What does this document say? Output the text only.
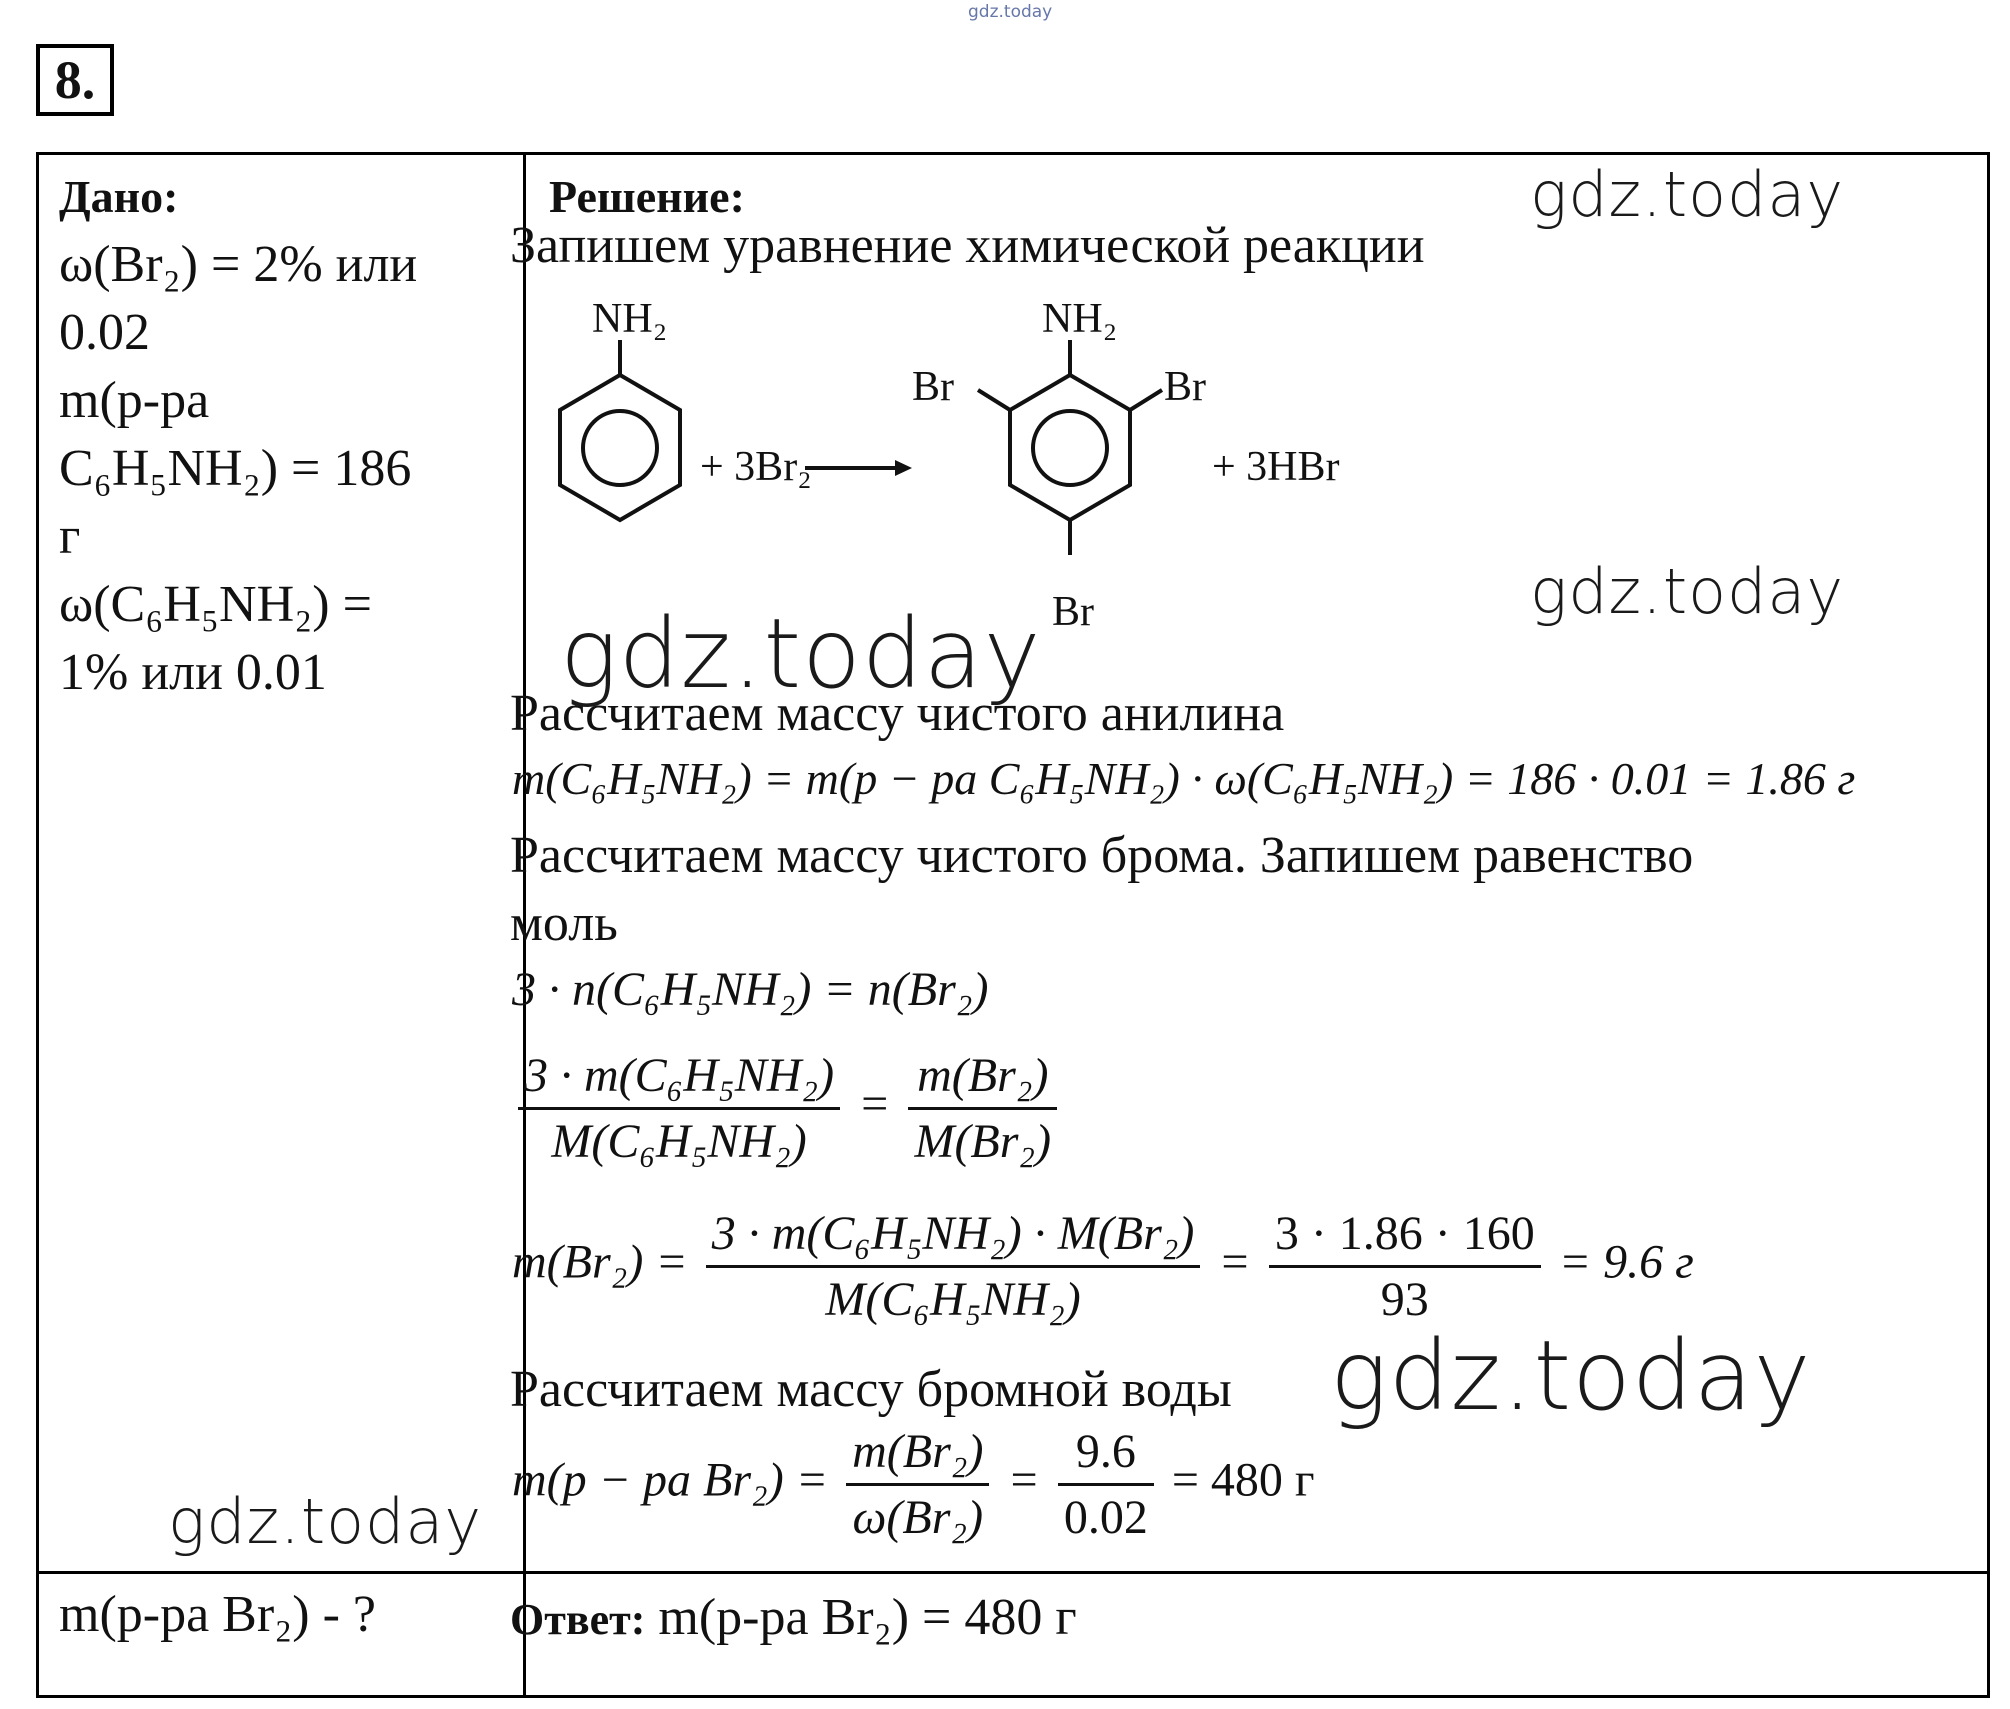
gdz.today
8.
Дано:
ω(Br₂) = 2% или
0.02
m(р-ра
C₆H₅NH₂) = 186
г
ω(C₆H₅NH₂) =
1% или 0.01
m(р-ра Br₂) - ?
Решение:
Запишем уравнение химической реакции
NH₂
+ 3Br₂
NH₂
Br	Br
Br
+ 3HBr
Рассчитаем массу чистого анилина
m(C₆H₅NH₂) = m(p − pa C₆H₅NH₂) · ω(C₆H₅NH₂) = 186 · 0.01 = 1.86 г
Рассчитаем массу чистого брома. Запишем равенство
моль
3 · n(C₆H₅NH₂) = n(Br₂)
$\frac{\text{3 · m(C₆H₅NH₂)}}{\text{M(C₆H₅NH₂)}} = \frac{\text{m(Br₂)}}{\text{M(Br₂)}}$
$m(Br_2) = \frac{\text{3 · m(C₆H₅NH₂) · M(Br₂)}}{\text{M(C₆H₅NH₂)}} = \frac{3 \cdot 1.86 \cdot 160}{93} = 9.6$ г
Рассчитаем массу бромной воды
m(p − pa $Br_2) = \frac{\text{m(Br₂)}}{\text{ω(Br₂)}} = \frac{9.6}{0.02} = 480$ г
Ответ: m(р-ра Br₂) = 480 г
gdz.today
gdz.today
gdz.today
gdz.today
gdz.today
